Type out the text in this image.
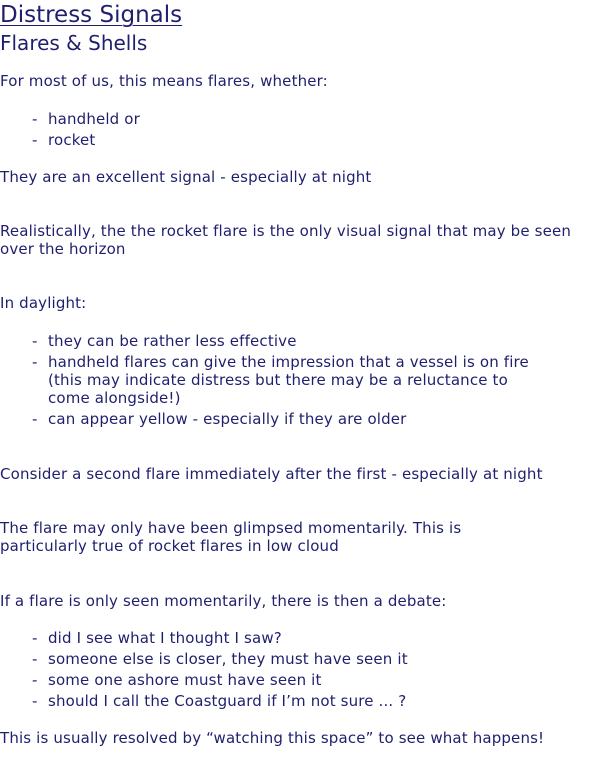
Distress Signals
Flares & Shells

For most of us, this means flares, whether:

- handheld or
- rocket

They are an excellent signal - especially at night

Realistically, the the rocket flare is the only visual signal that may be seen over the horizon

In daylight:

- they can be rather less effective
- handheld flares can give the impression that a vessel is on fire (this may indicate distress but there may be a reluctance to come alongside!)
- can appear yellow - especially if they are older

Consider a second flare immediately after the first - especially at night

The flare may only have been glimpsed momentarily. This is particularly true of rocket flares in low cloud

If a flare is only seen momentarily, there is then a debate:

- did I see what I thought I saw?
- someone else is closer, they must have seen it
- some one ashore must have seen it
- should I call the Coastguard if I’m not sure ... ?

This is usually resolved by “watching this space” to see what happens!
